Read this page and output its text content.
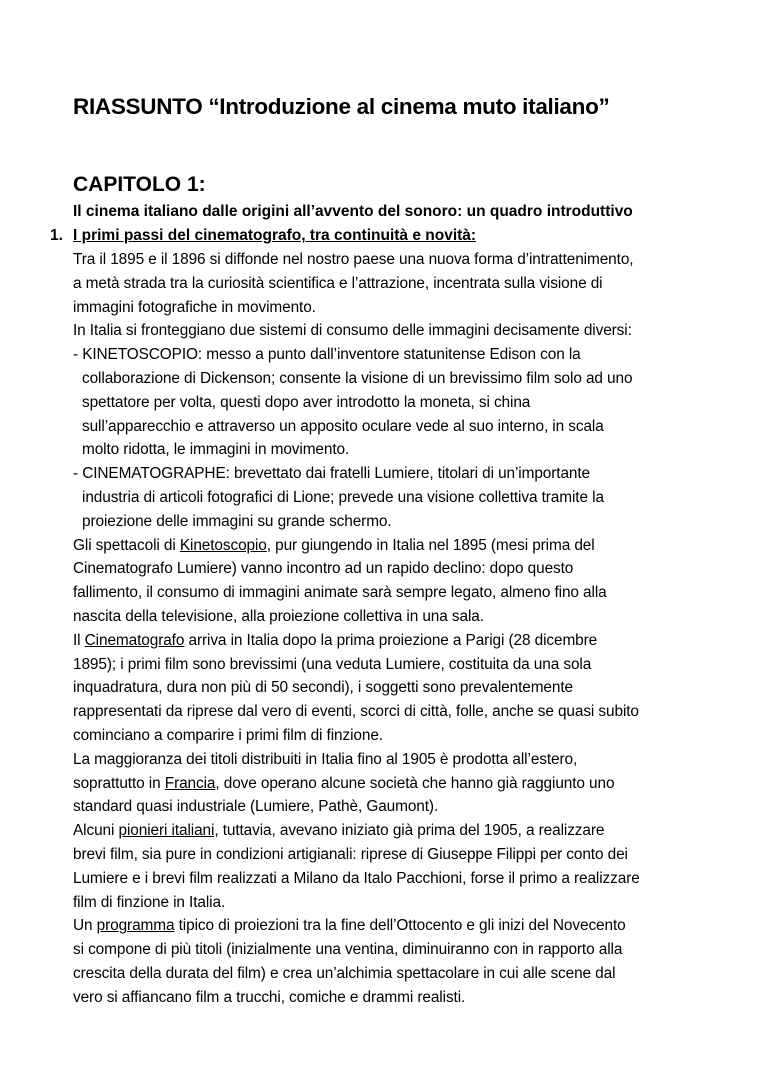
RIASSUNTO “Introduzione al cinema muto italiano”
CAPITOLO 1:
Il cinema italiano dalle origini all’avvento del sonoro: un quadro introduttivo
1. I primi passi del cinematografo, tra continuità e novità:
Tra il 1895 e il 1896 si diffonde nel nostro paese una nuova forma d’intrattenimento,
a metà strada tra la curiosità scientifica e l’attrazione, incentrata sulla visione di
immagini fotografiche in movimento.
In Italia si fronteggiano due sistemi di consumo delle immagini decisamente diversi:
- KINETOSCOPIO: messo a punto dall’inventore statunitense Edison con la
collaborazione di Dickenson; consente la visione di un brevissimo film solo ad uno
spettatore per volta, questi dopo aver introdotto la moneta, si china
sull’apparecchio e attraverso un apposito oculare vede al suo interno, in scala
molto ridotta, le immagini in movimento.
- CINEMATOGRAPHE: brevettato dai fratelli Lumiere, titolari di un’importante
industria di articoli fotografici di Lione; prevede una visione collettiva tramite la
proiezione delle immagini su grande schermo.
Gli spettacoli di Kinetoscopio, pur giungendo in Italia nel 1895 (mesi prima del
Cinematografo Lumiere) vanno incontro ad un rapido declino: dopo questo
fallimento, il consumo di immagini animate sarà sempre legato, almeno fino alla
nascita della televisione, alla proiezione collettiva in una sala.
Il Cinematografo arriva in Italia dopo la prima proiezione a Parigi (28 dicembre
1895); i primi film sono brevissimi (una veduta Lumiere, costituita da una sola
inquadratura, dura non più di 50 secondi), i soggetti sono prevalentemente
rappresentati da riprese dal vero di eventi, scorci di città, folle, anche se quasi subito
cominciano a comparire i primi film di finzione.
La maggioranza dei titoli distribuiti in Italia fino al 1905 è prodotta all’estero,
soprattutto in Francia, dove operano alcune società che hanno già raggiunto uno
standard quasi industriale (Lumiere, Pathè, Gaumont).
Alcuni pionieri italiani, tuttavia, avevano iniziato già prima del 1905, a realizzare
brevi film, sia pure in condizioni artigianali: riprese di Giuseppe Filippi per conto dei
Lumiere e i brevi film realizzati a Milano da Italo Pacchioni, forse il primo a realizzare
film di finzione in Italia.
Un programma tipico di proiezioni tra la fine dell’Ottocento e gli inizi del Novecento
si compone di più titoli (inizialmente una ventina, diminuiranno con in rapporto alla
crescita della durata del film) e crea un’alchimia spettacolare in cui alle scene dal
vero si affiancano film a trucchi, comiche e drammi realisti.
